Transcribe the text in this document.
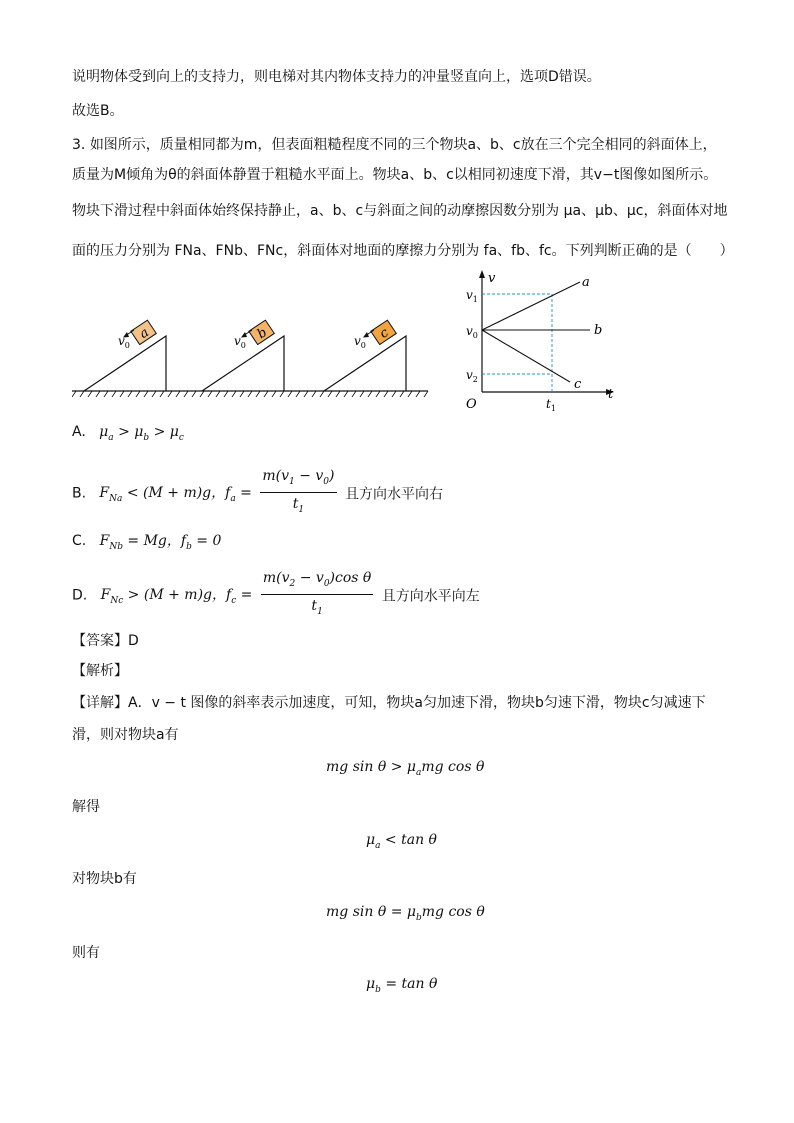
说明物体受到向上的支持力，则电梯对其内物体支持力的冲量竖直向上，选项D错误。
故选B。
3. 如图所示，质量相同都为m，但表面粗糙程度不同的三个物块a、b、c放在三个完全相同的斜面体上，
质量为M倾角为θ的斜面体静置于粗糙水平面上。物块a、b、c以相同初速度下滑，其v−t图像如图所示。
物块下滑过程中斜面体始终保持静止，a、b、c与斜面之间的动摩擦因数分别为 μa、μb、μc，斜面体对地
面的压力分别为 FNa、FNb、FNc，斜面体对地面的摩擦力分别为 fa、fb、fc。下列判断正确的是（　　）
a
$v_0$
b
$v_0$
c
$v_0$
v
t
O
a
b
c
$v_1$
$v_0$
$v_2$
$t_1$
A. $\mu_a > \mu_b > \mu_c$
B. $F_{Na} < (M + m)g$，$f_a = \frac{m(v_1 - v_0)}{t_1}$ 且方向水平向右
C. $F_{Nb} = Mg$，$f_b = 0$
D. $F_{Nc} > (M + m)g$，$f_c = \frac{m(v_2 - v_0)\cos \theta}{t_1}$ 且方向水平向左
【答案】D
【解析】
【详解】A．v − t 图像的斜率表示加速度，可知，物块a匀加速下滑，物块b匀速下滑，物块c匀减速下
滑，则对物块a有
mg $\sin \theta > \mu_amg$ cos θ
解得
$\mu_a < \tan \theta$
对物块b有
mg $\sin \theta = \mu_bmg$ cos θ
则有
$\mu_b = \tan \theta$
